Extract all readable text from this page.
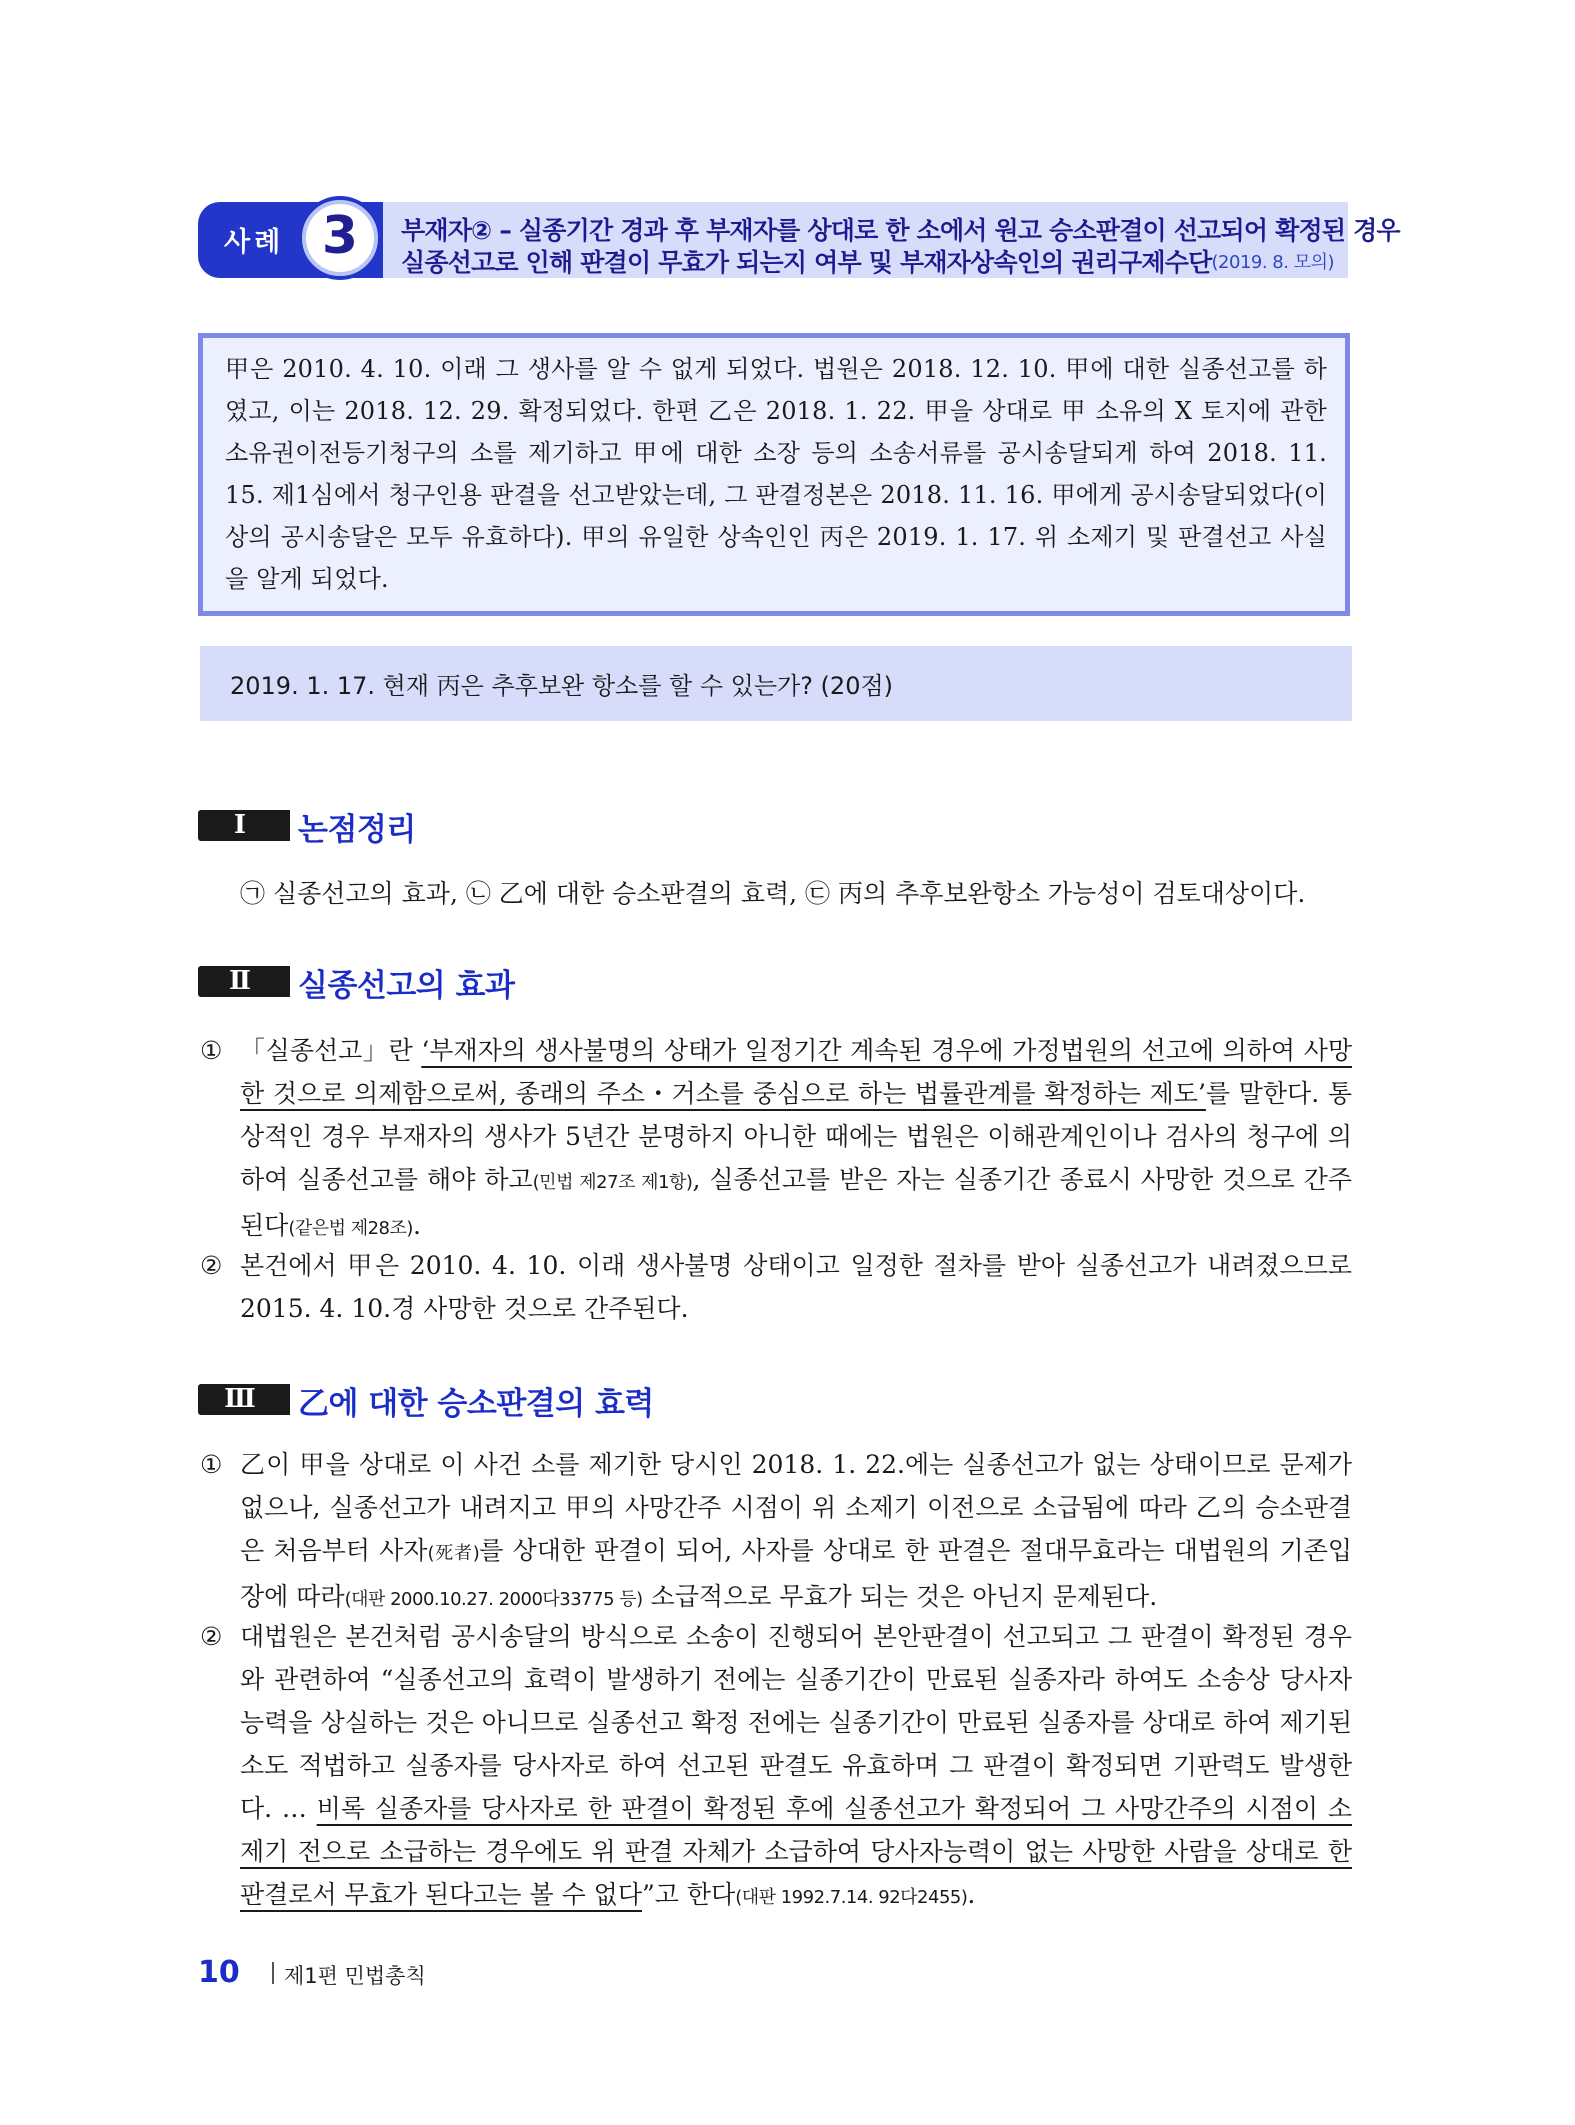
사례	부재자② – 실종기간 경과 후 부재자를 상대로 한 소에서 원고 승소판결이 선고되어 확정된 경우
실종선고로 인해 판결이 무효가 되는지 여부 및 부재자상속인의 권리구제수단 (2019. 8. 모의)
3
甲은 2010. 4. 10. 이래 그 생사를 알 수 없게 되었다. 법원은 2018. 12. 10. 甲에 대한 실종선고를 하였고, 이는 2018. 12. 29. 확정되었다. 한편 乙은 2018. 1. 22. 甲을 상대로 甲 소유의 X 토지에 관한 소유권이전등기청구의 소를 제기하고 甲에 대한 소장 등의 소송서류를 공시송달되게 하여 2018. 11. 15. 제1심에서 청구인용 판결을 선고받았는데, 그 판결정본은 2018. 11. 16. 甲에게 공시송달되었다(이상의 공시송달은 모두 유효하다). 甲의 유일한 상속인인 丙은 2019. 1. 17. 위 소제기 및 판결선고 사실을 알게 되었다.
2019. 1. 17. 현재 丙은 추후보완 항소를 할 수 있는가? (20점)
Ⅰ	논점정리
㉠ 실종선고의 효과, ㉡ 乙에 대한 승소판결의 효력, ㉢ 丙의 추후보완항소 가능성이 검토대상이다.
Ⅱ	실종선고의 효과
① 「실종선고」란 ‘부재자의 생사불명의 상태가 일정기간 계속된 경우에 가정법원의 선고에 의하여 사망한 것으로 의제함으로써, 종래의 주소・거소를 중심으로 하는 법률관계를 확정하는 제도’를 말한다. 통상적인 경우 부재자의 생사가 5년간 분명하지 아니한 때에는 법원은 이해관계인이나 검사의 청구에 의하여 실종선고를 해야 하고(민법 제27조 제1항), 실종선고를 받은 자는 실종기간 종료시 사망한 것으로 간주된다(같은법 제28조).
② 본건에서 甲은 2010. 4. 10. 이래 생사불명 상태이고 일정한 절차를 받아 실종선고가 내려졌으므로 2015. 4. 10.경 사망한 것으로 간주된다.
Ⅲ	乙에 대한 승소판결의 효력
① 乙이 甲을 상대로 이 사건 소를 제기한 당시인 2018. 1. 22.에는 실종선고가 없는 상태이므로 문제가 없으나, 실종선고가 내려지고 甲의 사망간주 시점이 위 소제기 이전으로 소급됨에 따라 乙의 승소판결은 처음부터 사자(死者)를 상대한 판결이 되어, 사자를 상대로 한 판결은 절대무효라는 대법원의 기존입장에 따라(대판 2000.10.27. 2000다33775 등) 소급적으로 무효가 되는 것은 아닌지 문제된다.
② 대법원은 본건처럼 공시송달의 방식으로 소송이 진행되어 본안판결이 선고되고 그 판결이 확정된 경우와 관련하여 “실종선고의 효력이 발생하기 전에는 실종기간이 만료된 실종자라 하여도 소송상 당사자능력을 상실하는 것은 아니므로 실종선고 확정 전에는 실종기간이 만료된 실종자를 상대로 하여 제기된 소도 적법하고 실종자를 당사자로 하여 선고된 판결도 유효하며 그 판결이 확정되면 기판력도 발생한다. … 비록 실종자를 당사자로 한 판결이 확정된 후에 실종선고가 확정되어 그 사망간주의 시점이 소 제기 전으로 소급하는 경우에도 위 판결 자체가 소급하여 당사자능력이 없는 사망한 사람을 상대로 한 판결로서 무효가 된다고는 볼 수 없다”고 한다(대판 1992.7.14. 92다2455).
10 제1편 민법총칙
